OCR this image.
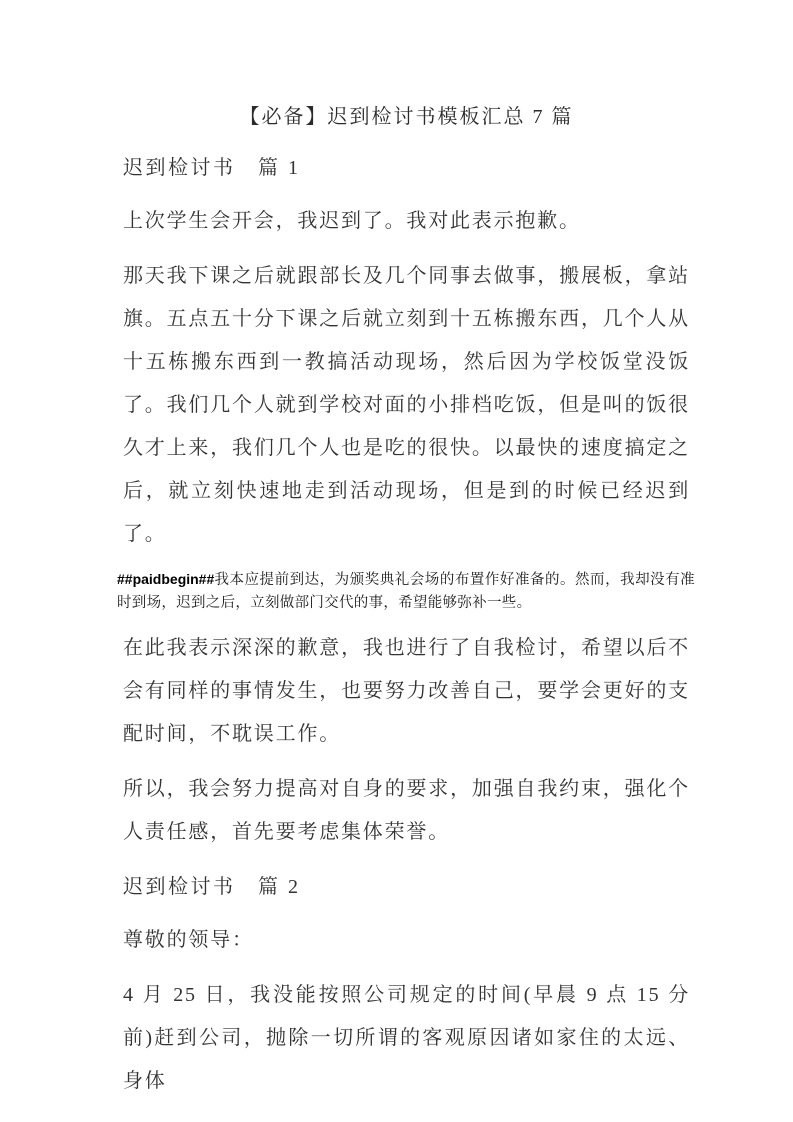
【必备】迟到检讨书模板汇总 7 篇
迟到检讨书　篇 1

上次学生会开会，我迟到了。我对此表示抱歉。

那天我下课之后就跟部长及几个同事去做事，搬展板，拿站旗。五点五十分下课之后就立刻到十五栋搬东西，几个人从十五栋搬东西到一教搞活动现场，然后因为学校饭堂没饭了。我们几个人就到学校对面的小排档吃饭，但是叫的饭很久才上来，我们几个人也是吃的很快。以最快的速度搞定之后，就立刻快速地走到活动现场，但是到的时候已经迟到了。

##paidbegin##我本应提前到达，为颁奖典礼会场的布置作好准备的。然而，我却没有准时到场，迟到之后，立刻做部门交代的事，希望能够弥补一些。

在此我表示深深的歉意，我也进行了自我检讨，希望以后不会有同样的事情发生，也要努力改善自己，要学会更好的支配时间，不耽误工作。

所以，我会努力提高对自身的要求，加强自我约束，强化个人责任感，首先要考虑集体荣誉。

迟到检讨书　篇 2

尊敬的领导：

4 月 25 日，我没能按照公司规定的时间(早晨 9 点 15 分前)赶到公司，抛除一切所谓的客观原因诸如家住的太远、身体
